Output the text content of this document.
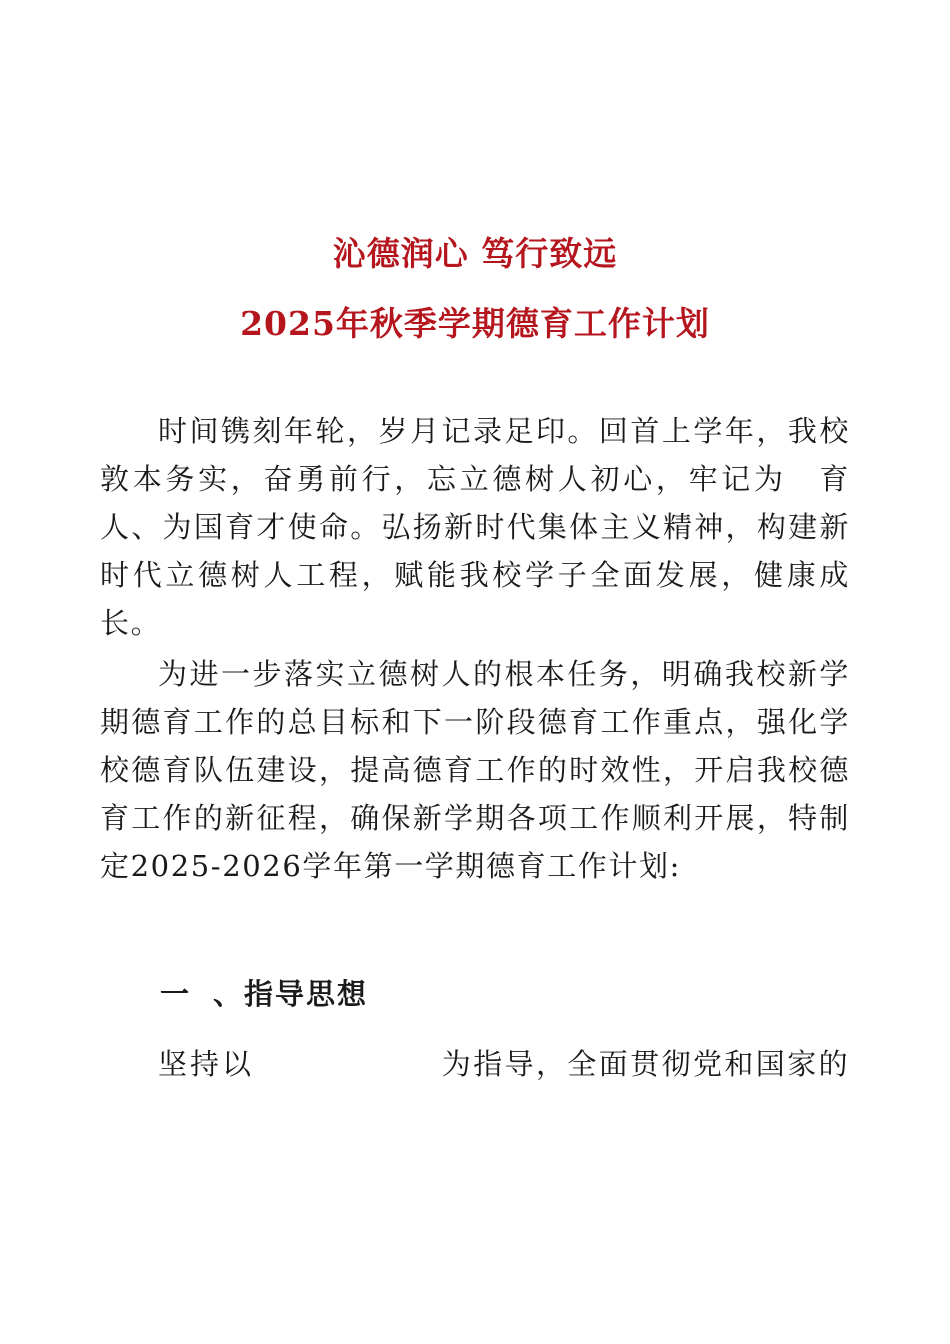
沁德润心 笃行致远
2025年秋季学期德育工作计划

时间镌刻年轮，岁月记录足印。回首上学年，我校敦本务实，奋勇前行，忘立德树人初心，牢记为　育人、为国育才使命。弘扬新时代集体主义精神，构建新时代立德树人工程，赋能我校学子全面发展，健康成长。

为进一步落实立德树人的根本任务，明确我校新学期德育工作的总目标和下一阶段德育工作重点，强化学校德育队伍建设，提高德育工作的时效性，开启我校德育工作的新征程，确保新学期各项工作顺利开展，特制定2025-2026学年第一学期德育工作计划:

一 、指导思想
坚持以	为指导，全面贯彻党和国家的
